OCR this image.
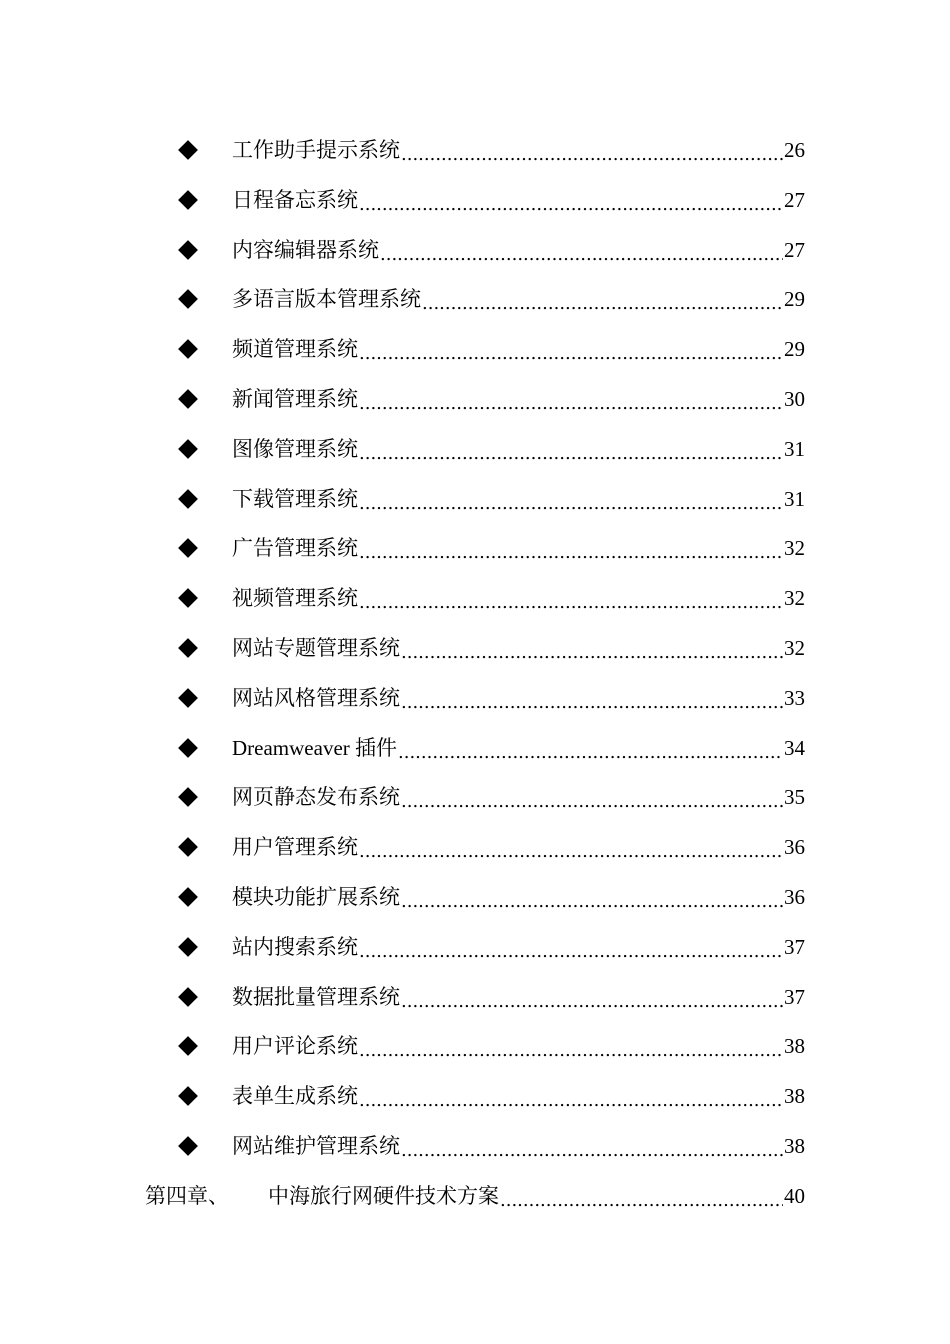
工作助手提示系统 .....	26
日程备忘系统 .....	27
内容编辑器系统 .....	27
多语言版本管理系统 .....	29
频道管理系统 .....	29
新闻管理系统 .....	30
图像管理系统 .....	31
下载管理系统 .....	31
广告管理系统 .....	32
视频管理系统 .....	32
网站专题管理系统 .....	32
网站风格管理系统 .....	33
Dreamweaver 插件 .....	34
网页静态发布系统 .....	35
用户管理系统 .....	36
模块功能扩展系统 .....	36
站内搜索系统 .....	37
数据批量管理系统 .....	37
用户评论系统 .....	38
表单生成系统 .....	38
网站维护管理系统 .....	38
第四章、	中海旅行网硬件技术方案 .....	40
